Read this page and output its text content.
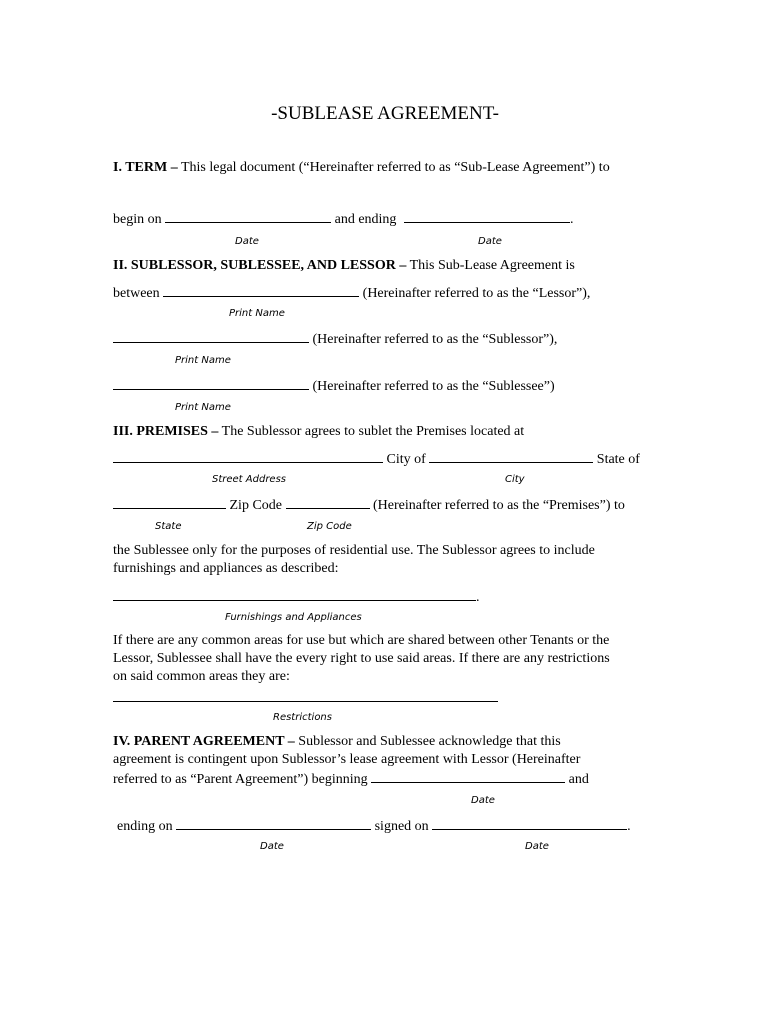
-SUBLEASE AGREEMENT-
I. TERM – This legal document (“Hereinafter referred to as “Sub-Lease Agreement”) to
begin on	and ending	.
Date	Date
II. SUBLESSOR, SUBLESSEE, AND LESSOR – This Sub-Lease Agreement is
between	(Hereinafter referred to as the “Lessor”),
Print Name
(Hereinafter referred to as the “Sublessor”),
Print Name
(Hereinafter referred to as the “Sublessee”)
Print Name
III. PREMISES – The Sublessor agrees to sublet the Premises located at
City of	State of
Street Address	City
Zip Code	(Hereinafter referred to as the “Premises”) to
State	Zip Code
the Sublessee only for the purposes of residential use. The Sublessor agrees to include
furnishings and appliances as described:
.
Furnishings and Appliances
If there are any common areas for use but which are shared between other Tenants or the
Lessor, Sublessee shall have the every right to use said areas. If there are any restrictions
on said common areas they are:
Restrictions
IV. PARENT AGREEMENT – Sublessor and Sublessee acknowledge that this
agreement is contingent upon Sublessor’s lease agreement with Lessor (Hereinafter
referred to as “Parent Agreement”) beginning	and
Date
ending on	signed on	.
Date	Date
